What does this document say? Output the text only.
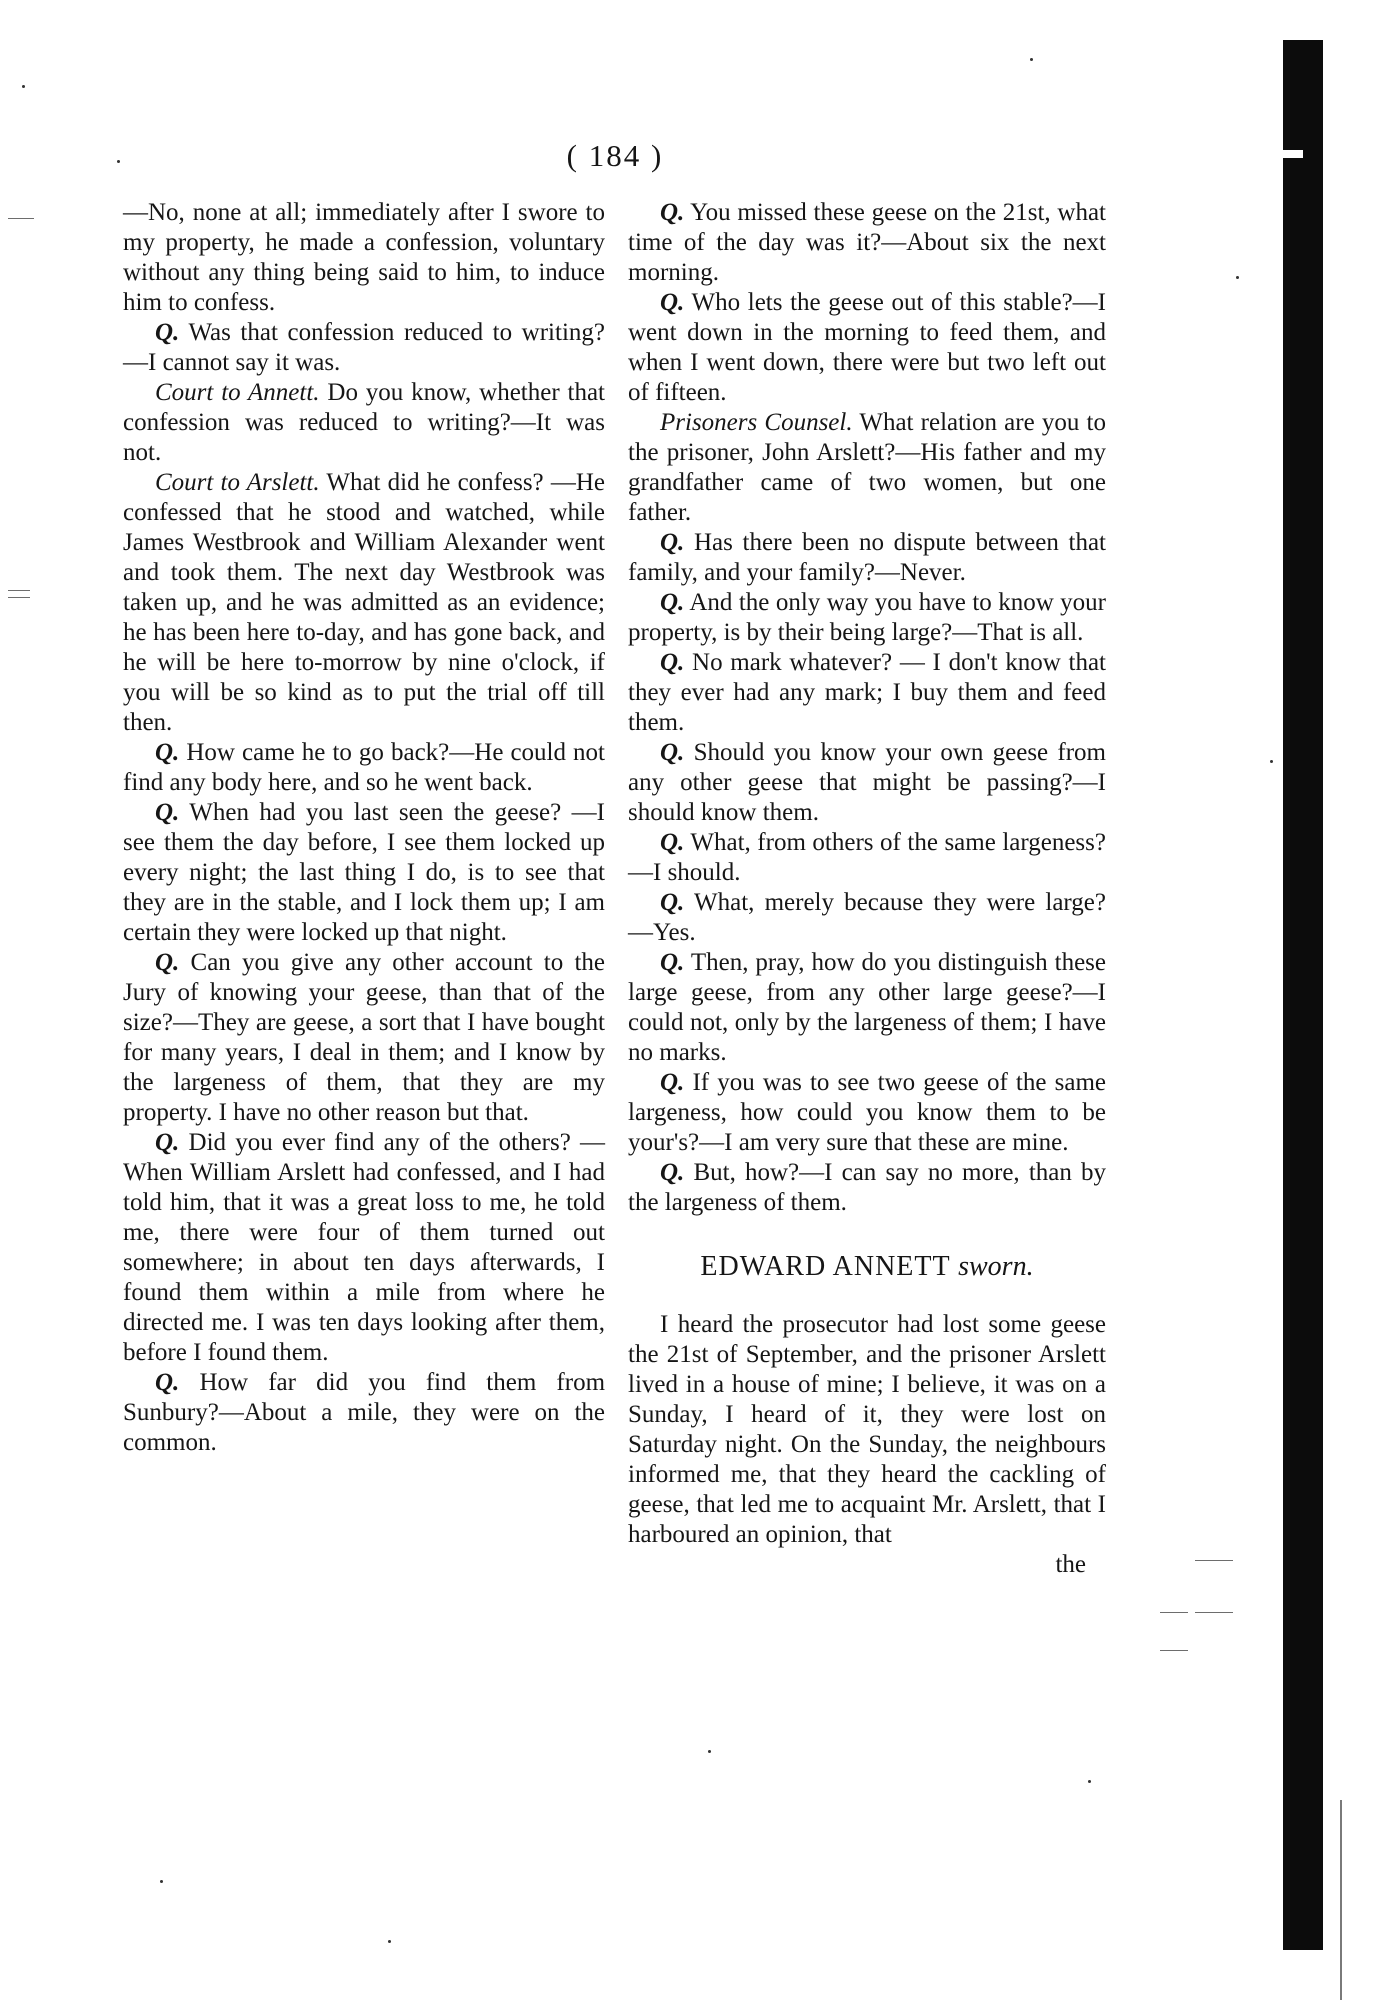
( 184 )

—No, none at all; immediately after I swore to my property, he made a confession, voluntary without any thing being said to him, to induce him to confess.

Q. Was that confession reduced to writing?—I cannot say it was.

Court to Annett. Do you know, whether that confession was reduced to writing?—It was not.

Court to Arslett. What did he confess? —He confessed that he stood and watched, while James Westbrook and William Alexander went and took them. The next day Westbrook was taken up, and he was admitted as an evidence; he has been here to-day, and has gone back, and he will be here to-morrow by nine o'clock, if you will be so kind as to put the trial off till then.

Q. How came he to go back?—He could not find any body here, and so he went back.

Q. When had you last seen the geese? —I see them the day before, I see them locked up every night; the last thing I do, is to see that they are in the stable, and I lock them up; I am certain they were locked up that night.

Q. Can you give any other account to the Jury of knowing your geese, than that of the size?—They are geese, a sort that I have bought for many years, I deal in them; and I know by the largeness of them, that they are my property. I have no other reason but that.

Q. Did you ever find any of the others? — When William Arslett had confessed, and I had told him, that it was a great loss to me, he told me, there were four of them turned out somewhere; in about ten days afterwards, I found them within a mile from where he directed me. I was ten days looking after them, before I found them.

Q. How far did you find them from Sunbury?—About a mile, they were on the common.

Q. You missed these geese on the 21st, what time of the day was it?—About six the next morning.

Q. Who lets the geese out of this stable?—I went down in the morning to feed them, and when I went down, there were but two left out of fifteen.

Prisoners Counsel. What relation are you to the prisoner, John Arslett?—His father and my grandfather came of two women, but one father.

Q. Has there been no dispute between that family, and your family?—Never.

Q. And the only way you have to know your property, is by their being large?—That is all.

Q. No mark whatever? — I don't know that they ever had any mark; I buy them and feed them.

Q. Should you know your own geese from any other geese that might be passing?—I should know them.

Q. What, from others of the same largeness?—I should.

Q. What, merely because they were large?—Yes.

Q. Then, pray, how do you distinguish these large geese, from any other large geese?—I could not, only by the largeness of them; I have no marks.

Q. If you was to see two geese of the same largeness, how could you know them to be your's?—I am very sure that these are mine.

Q. But, how?—I can say no more, than by the largeness of them.

EDWARD ANNETT sworn.

I heard the prosecutor had lost some geese the 21st of September, and the prisoner Arslett lived in a house of mine; I believe, it was on a Sunday, I heard of it, they were lost on Saturday night. On the Sunday, the neighbours informed me, that they heard the cackling of geese, that led me to acquaint Mr. Arslett, that I harboured an opinion, that

the
